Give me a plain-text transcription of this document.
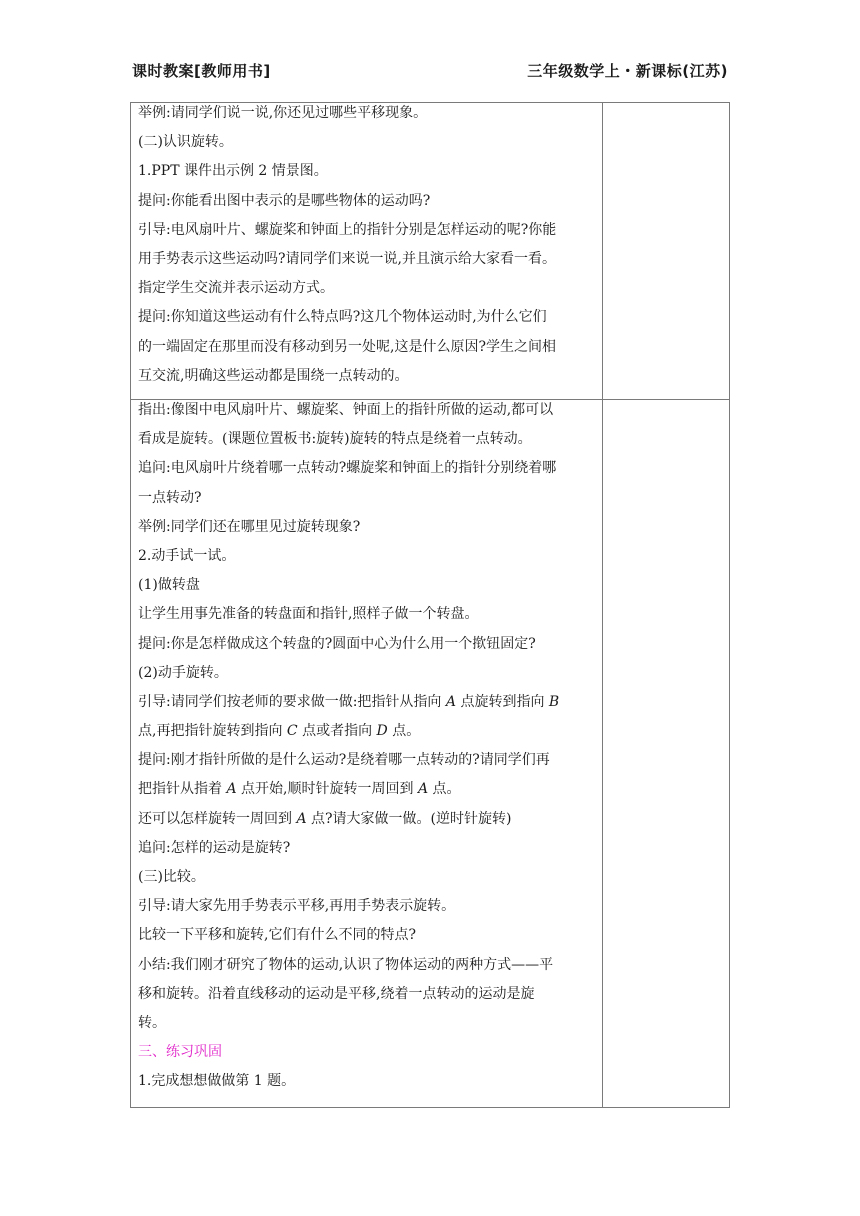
课时教案[教师用书]	三年级数学上・新课标(江苏)
举例:请同学们说一说,你还见过哪些平移现象。
(二)认识旋转。
1.PPT 课件出示例 2 情景图。
提问:你能看出图中表示的是哪些物体的运动吗?
引导:电风扇叶片、螺旋桨和钟面上的指针分别是怎样运动的呢?你能
用手势表示这些运动吗?请同学们来说一说,并且演示给大家看一看。
指定学生交流并表示运动方式。
提问:你知道这些运动有什么特点吗?这几个物体运动时,为什么它们
的一端固定在那里而没有移动到另一处呢,这是什么原因?学生之间相
互交流,明确这些运动都是围绕一点转动的。
指出:像图中电风扇叶片、螺旋桨、钟面上的指针所做的运动,都可以
看成是旋转。(课题位置板书:旋转)旋转的特点是绕着一点转动。
追问:电风扇叶片绕着哪一点转动?螺旋桨和钟面上的指针分别绕着哪
一点转动?
举例:同学们还在哪里见过旋转现象?
2.动手试一试。
(1)做转盘
让学生用事先准备的转盘面和指针,照样子做一个转盘。
提问:你是怎样做成这个转盘的?圆面中心为什么用一个揿钮固定?
(2)动手旋转。
引导:请同学们按老师的要求做一做:把指针从指向 A 点旋转到指向 B
点,再把指针旋转到指向 C 点或者指向 D 点。
提问:刚才指针所做的是什么运动?是绕着哪一点转动的?请同学们再
把指针从指着 A 点开始,顺时针旋转一周回到 A 点。
还可以怎样旋转一周回到 A 点?请大家做一做。(逆时针旋转)
追问:怎样的运动是旋转?
(三)比较。
引导:请大家先用手势表示平移,再用手势表示旋转。
比较一下平移和旋转,它们有什么不同的特点?
小结:我们刚才研究了物体的运动,认识了物体运动的两种方式——平
移和旋转。沿着直线移动的运动是平移,绕着一点转动的运动是旋
转。
三、练习巩固
1.完成想想做做第 1 题。
